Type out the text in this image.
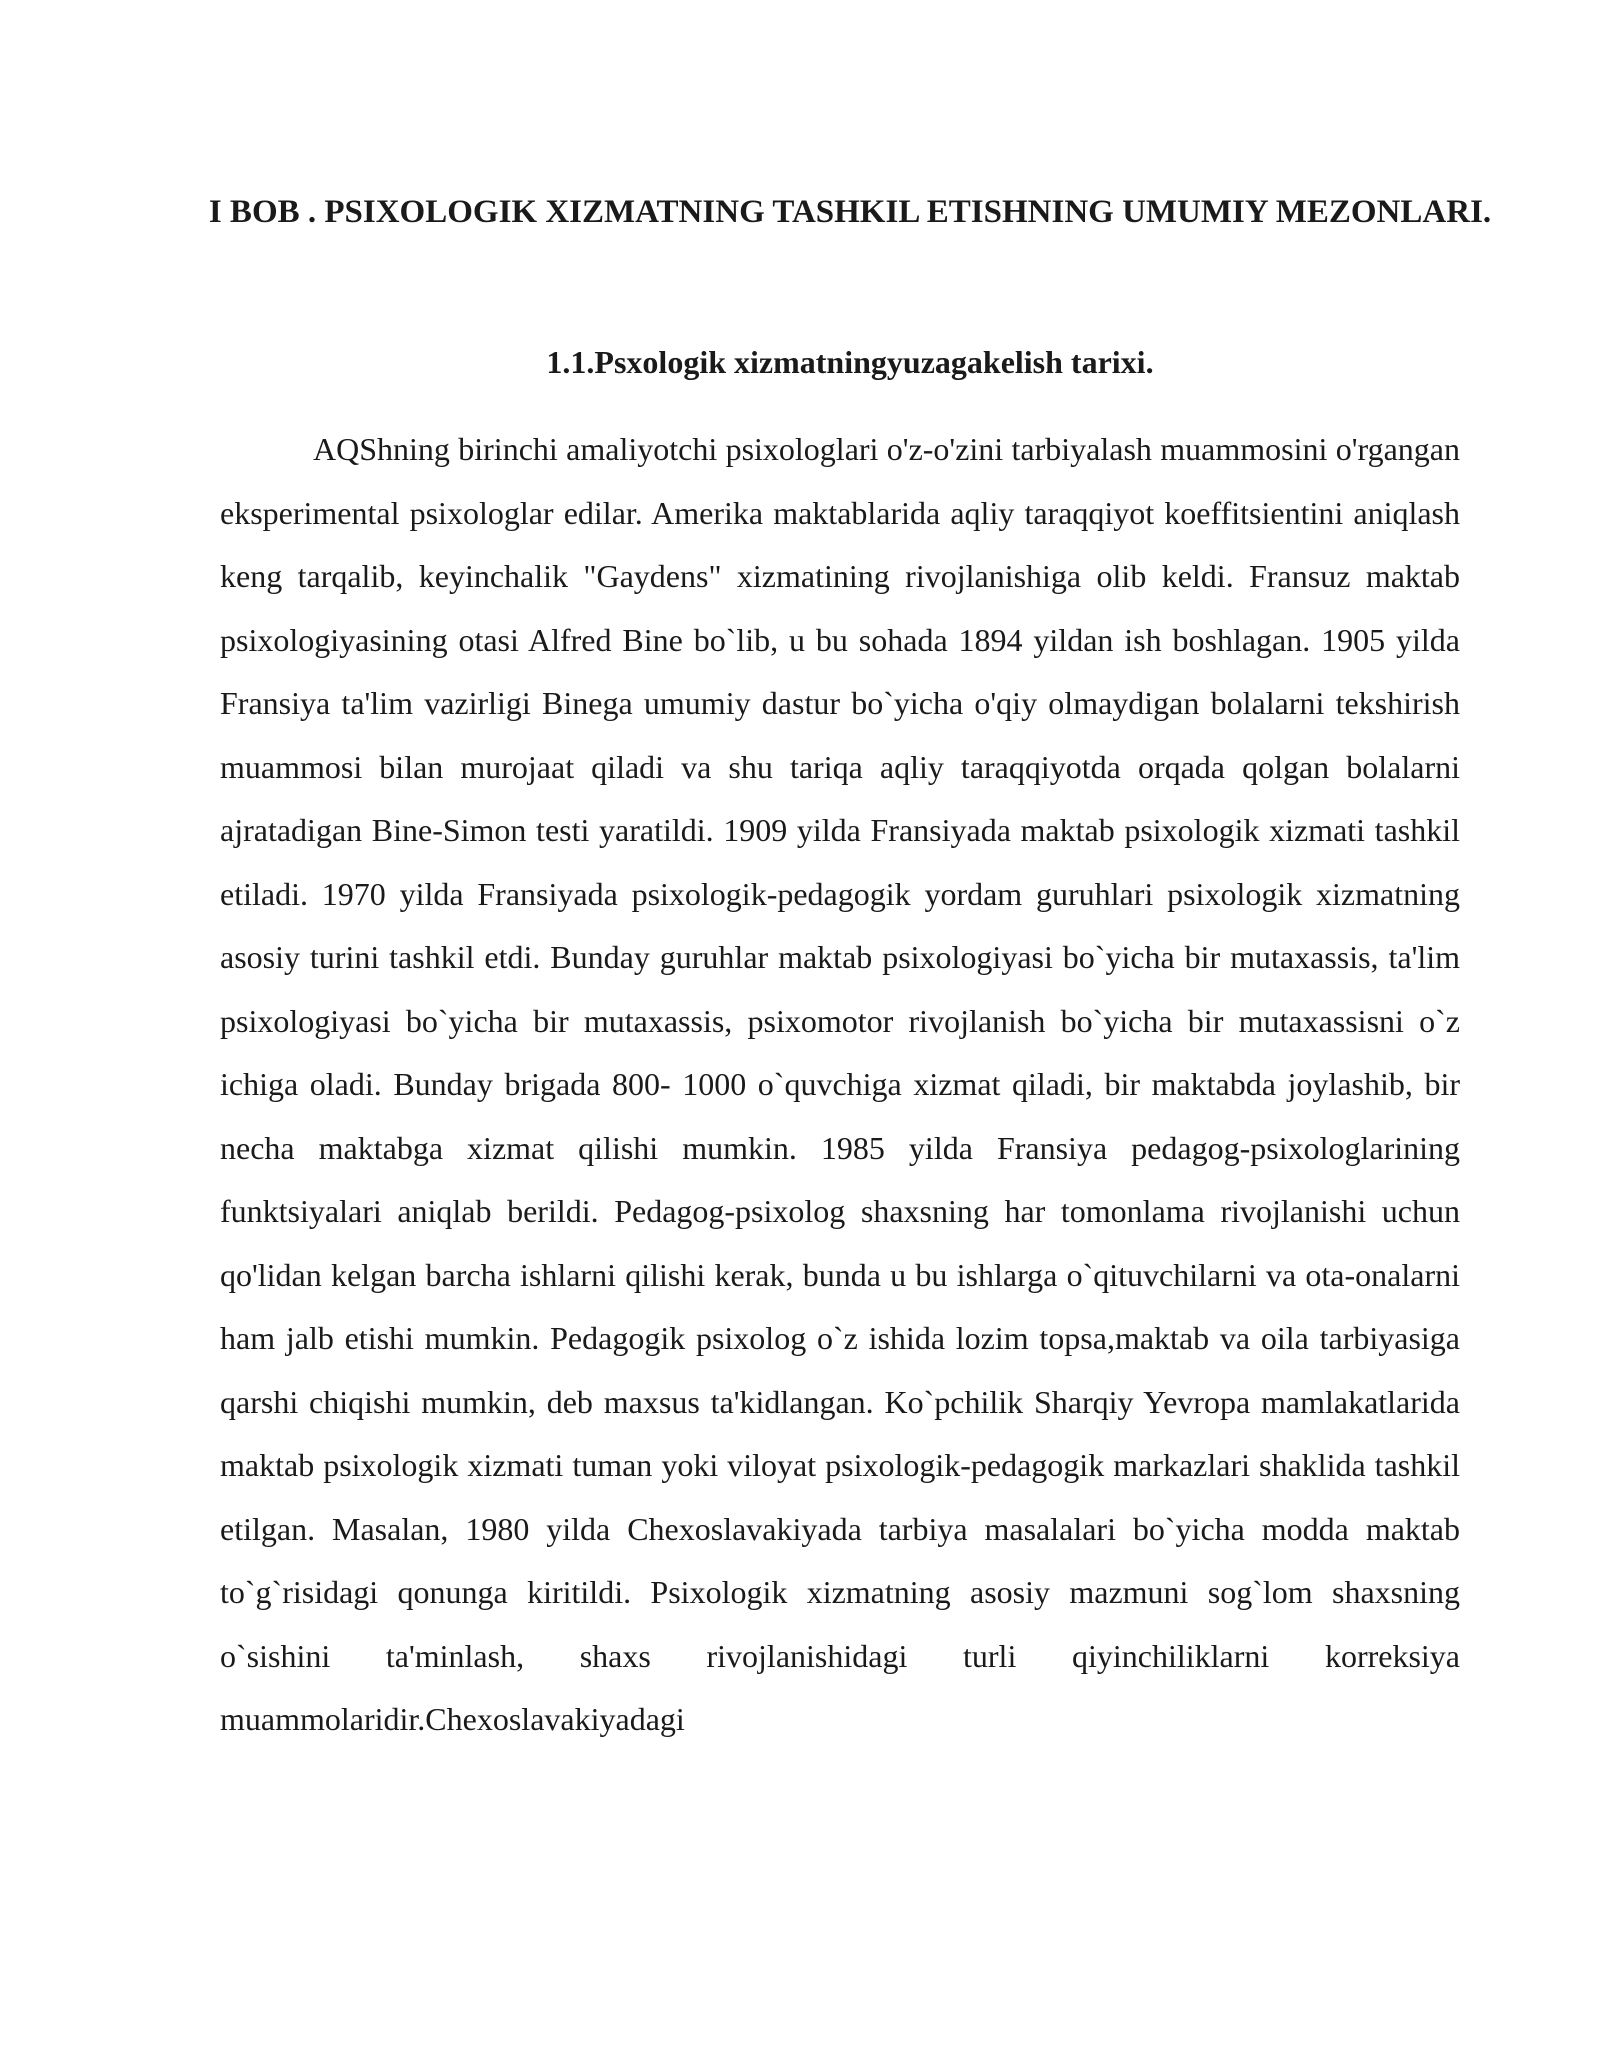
I BOB . PSIXOLOGIK XIZMATNING TASHKIL ETISHNING UMUMIY MEZONLARI.
1.1.Psxologik xizmatningyuzagakelish tarixi.

AQShning birinchi amaliyotchi psixologlari o'z-o'zini tarbiyalash muammosini o'rgangan eksperimental psixologlar edilar. Amerika maktablarida aqliy taraqqiyot koeffitsientini aniqlash keng tarqalib, keyinchalik "Gaydens" xizmatining rivojlanishiga olib keldi. Fransuz maktab psixologiyasining otasi Alfred Bine bo`lib, u bu sohada 1894 yildan ish boshlagan. 1905 yilda Fransiya ta'lim vazirligi Binega umumiy dastur bo`yicha o'qiy olmaydigan bolalarni tekshirish muammosi bilan murojaat qiladi va shu tariqa aqliy taraqqiyotda orqada qolgan bolalarni ajratadigan Bine-Simon testi yaratildi. 1909 yilda Fransiyada maktab psixologik xizmati tashkil etiladi. 1970 yilda Fransiyada psixologik-pedagogik yordam guruhlari psixologik xizmatning asosiy turini tashkil etdi. Bunday guruhlar maktab psixologiyasi bo`yicha bir mutaxassis, ta'lim psixologiyasi bo`yicha bir mutaxassis, psixomotor rivojlanish bo`yicha bir mutaxassisni o`z ichiga oladi. Bunday brigada 800- 1000 o`quvchiga xizmat qiladi, bir maktabda joylashib, bir necha maktabga xizmat qilishi mumkin. 1985 yilda Fransiya pedagog-psixologlarining funktsiyalari aniqlab berildi. Pedagog-psixolog shaxsning har tomonlama rivojlanishi uchun qo'lidan kelgan barcha ishlarni qilishi kerak, bunda u bu ishlarga o`qituvchilarni va ota-onalarni ham jalb etishi mumkin. Pedagogik psixolog o`z ishida lozim topsa,maktab va oila tarbiyasiga qarshi chiqishi mumkin, deb maxsus ta'kidlangan. Ko`pchilik Sharqiy Yevropa mamlakatlarida maktab psixologik xizmati tuman yoki viloyat psixologik-pedagogik markazlari shaklida tashkil etilgan. Masalan, 1980 yilda Chexoslavakiyada tarbiya masalalari bo`yicha modda maktab to`g`risidagi qonunga kiritildi. Psixologik xizmatning asosiy mazmuni sog`lom shaxsning o`sishini ta'minlash, shaxs rivojlanishidagi turli qiyinchiliklarni korreksiya muammolaridir.Chexoslavakiyadagi
